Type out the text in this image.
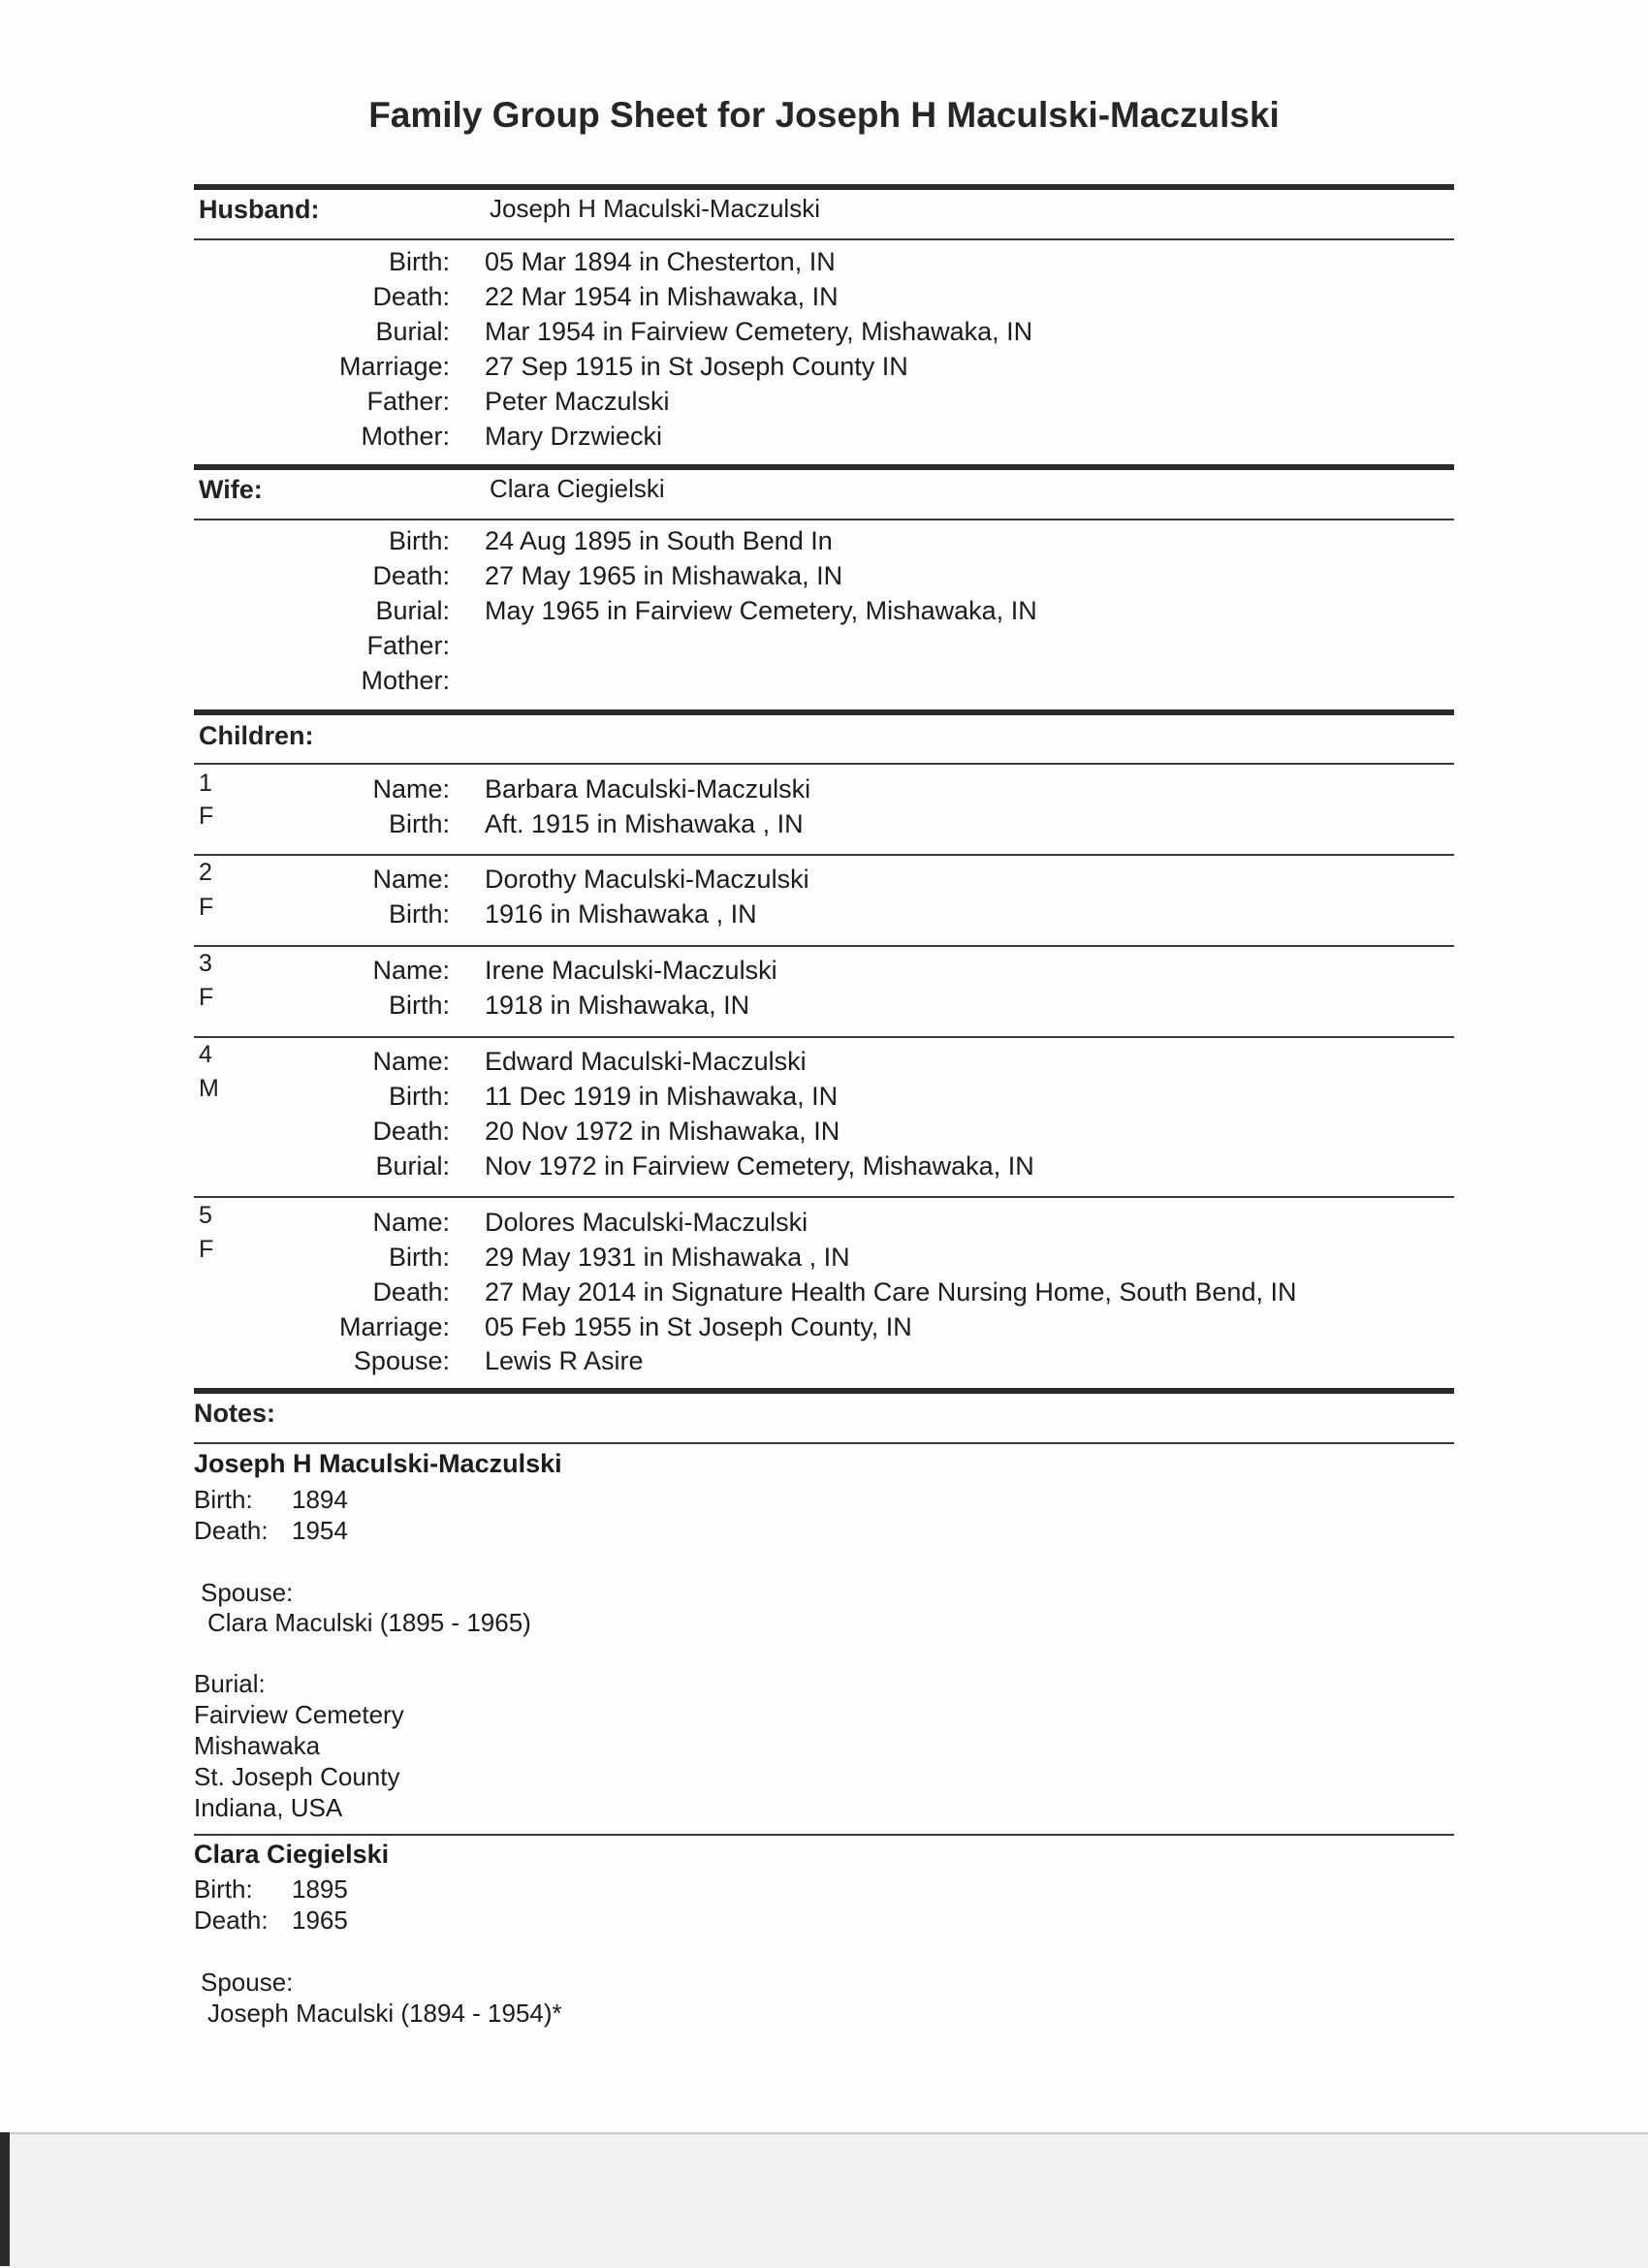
Family Group Sheet for Joseph H Maculski-Maczulski
Husband:	Joseph H Maculski-Maczulski
Birth: 05 Mar 1894 in Chesterton, IN
Death: 22 Mar 1954 in Mishawaka, IN
Burial: Mar 1954 in Fairview Cemetery, Mishawaka, IN
Marriage: 27 Sep 1915 in St Joseph County IN
Father: Peter Maczulski
Mother: Mary Drzwiecki
Wife:	Clara Ciegielski
Birth: 24 Aug 1895 in South Bend In
Death: 27 May 1965 in Mishawaka, IN
Burial: May 1965 in Fairview Cemetery, Mishawaka, IN
Father:
Mother:
Children:
1
F
Name: Barbara Maculski-Maczulski
Birth: Aft. 1915 in Mishawaka , IN
2
F
Name: Dorothy Maculski-Maczulski
Birth: 1916 in Mishawaka , IN
3
F
Name: Irene Maculski-Maczulski
Birth: 1918 in Mishawaka, IN
4
M
Name: Edward Maculski-Maczulski
Birth: 11 Dec 1919 in Mishawaka, IN
Death: 20 Nov 1972 in Mishawaka, IN
Burial: Nov 1972 in Fairview Cemetery, Mishawaka, IN
5
F
Name: Dolores Maculski-Maczulski
Birth: 29 May 1931 in Mishawaka , IN
Death: 27 May 2014 in Signature Health Care Nursing Home, South Bend, IN
Marriage: 05 Feb 1955 in St Joseph County, IN
Spouse: Lewis R Asire
Notes:
Joseph H Maculski-Maczulski
Birth: 1894
Death: 1954
Spouse:
Clara Maculski (1895 - 1965)
Burial:
Fairview Cemetery
Mishawaka
St. Joseph County
Indiana, USA
Clara Ciegielski
Birth: 1895
Death: 1965
Spouse:
Joseph Maculski (1894 - 1954)*
